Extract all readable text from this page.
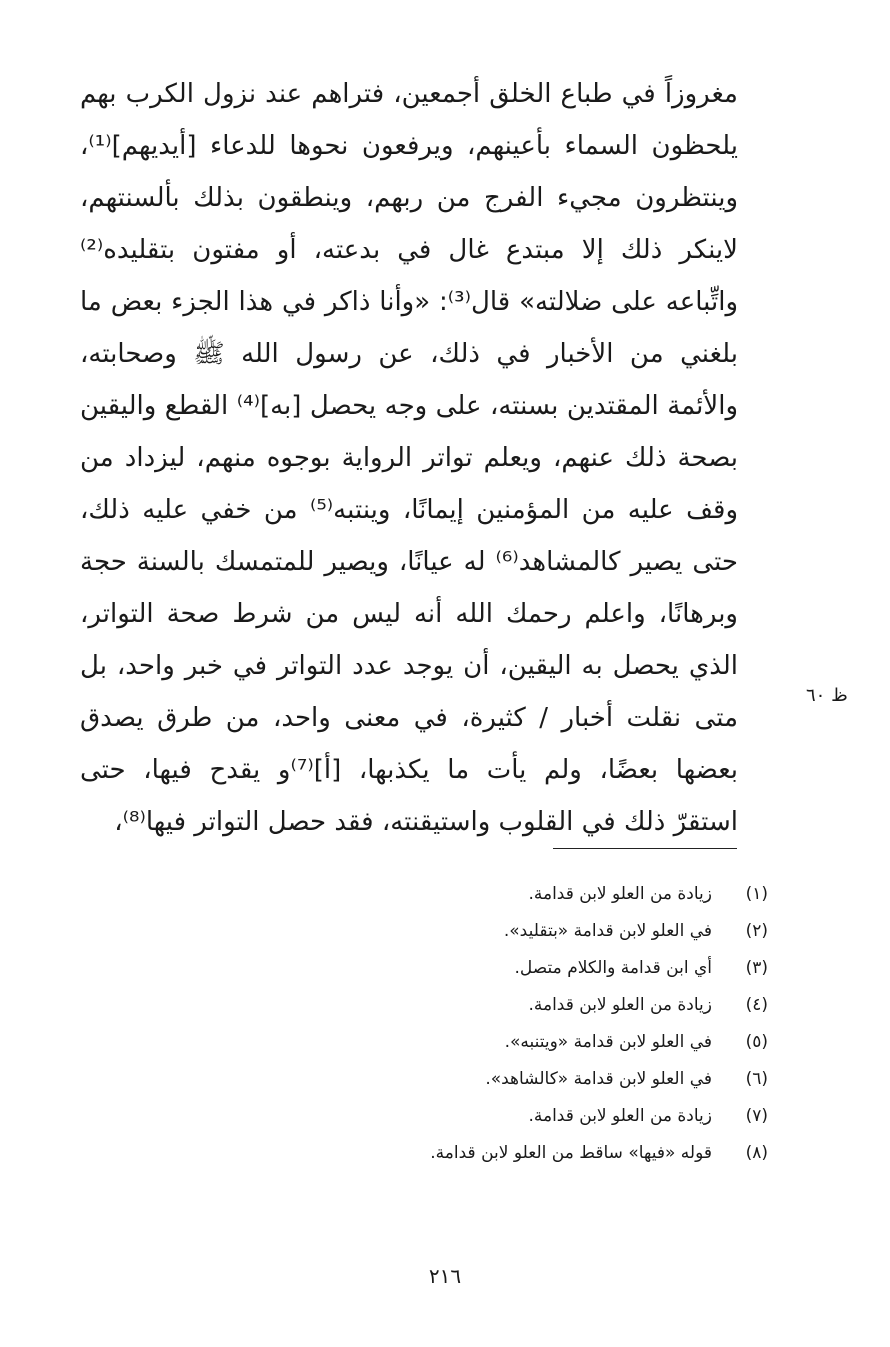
مغروزاً في طباع الخلق أجمعين، فتراهم عند نزول الكرب بهم
يلحظون السماء بأعينهم، ويرفعون نحوها للدعاء [أيديهم]⁽¹⁾،
وينتظرون مجيء الفرج من ربهم، وينطقون بذلك بألسنتهم،
لاينكر ذلك إلا مبتدع غال في بدعته، أو مفتون بتقليده⁽²⁾
واتِّباعه على ضلالته» قال⁽³⁾: «وأنا ذاكر في هذا الجزء بعض ما
بلغني من الأخبار في ذلك، عن رسول الله ﷺ وصحابته،
والأئمة المقتدين بسنته، على وجه يحصل [به]⁽⁴⁾ القطع واليقين
بصحة ذلك عنهم، ويعلم تواتر الرواية بوجوه منهم، ليزداد من
وقف عليه من المؤمنين إيمانًا، وينتبه⁽⁵⁾ من خفي عليه ذلك،
حتى يصير كالمشاهد⁽⁶⁾ له عيانًا، ويصير للمتمسك بالسنة حجة
وبرهانًا، واعلم رحمك الله أنه ليس من شرط صحة التواتر،
الذي يحصل به اليقين، أن يوجد عدد التواتر في خبر واحد، بل
متى نقلت أخبار / كثيرة، في معنى واحد، من طرق يصدق
بعضها بعضًا، ولم يأت ما يكذبها، [أ]⁽⁷⁾و يقدح فيها، حتى
استقرّ ذلك في القلوب واستيقنته، فقد حصل التواتر فيها⁽⁸⁾،
ظ ٦٠
(١)زيادة من العلو لابن قدامة.
(٢)في العلو لابن قدامة «بتقليد».
(٣)أي ابن قدامة والكلام متصل.
(٤)زيادة من العلو لابن قدامة.
(٥)في العلو لابن قدامة «ويتنبه».
(٦)في العلو لابن قدامة «كالشاهد».
(٧)زيادة من العلو لابن قدامة.
(٨)قوله «فيها» ساقط من العلو لابن قدامة.
٢١٦
